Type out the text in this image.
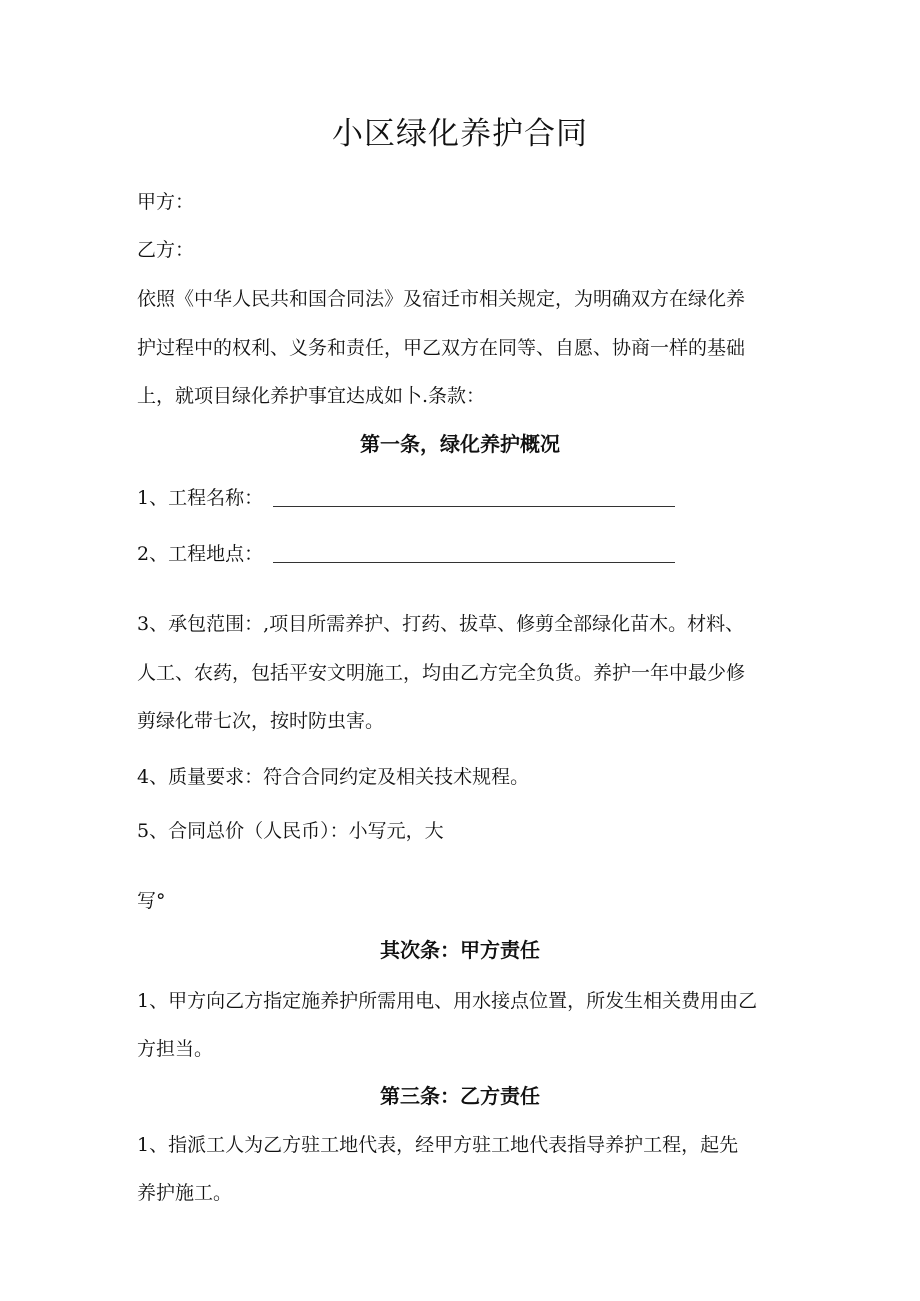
小区绿化养护合同
甲方：
乙方：
依照《中华人民共和国合同法》及宿迁市相关规定，为明确双方在绿化养
护过程中的权利、义务和责任，甲乙双方在同等、自愿、协商一样的基础
上，就项目绿化养护事宜达成如卜.条款：
第一条，绿化养护概况
1、工程名称：
2、工程地点：
3、承包范围：,项目所需养护、打药、拔草、修剪全部绿化苗木。材料、
人工、农药，包括平安文明施工，均由乙方完全负货。养护一年中最少修
剪绿化带七次，按时防虫害。
4、质量要求：符合合同约定及相关技术规程。
5、合同总价（人民币）：小写元，大
写°
其次条：甲方责任
1、甲方向乙方指定施养护所需用电、用水接点位置，所发生相关费用由乙
方担当。
第三条：乙方责任
1、指派工人为乙方驻工地代表，经甲方驻工地代表指导养护工程，起先
养护施工。
